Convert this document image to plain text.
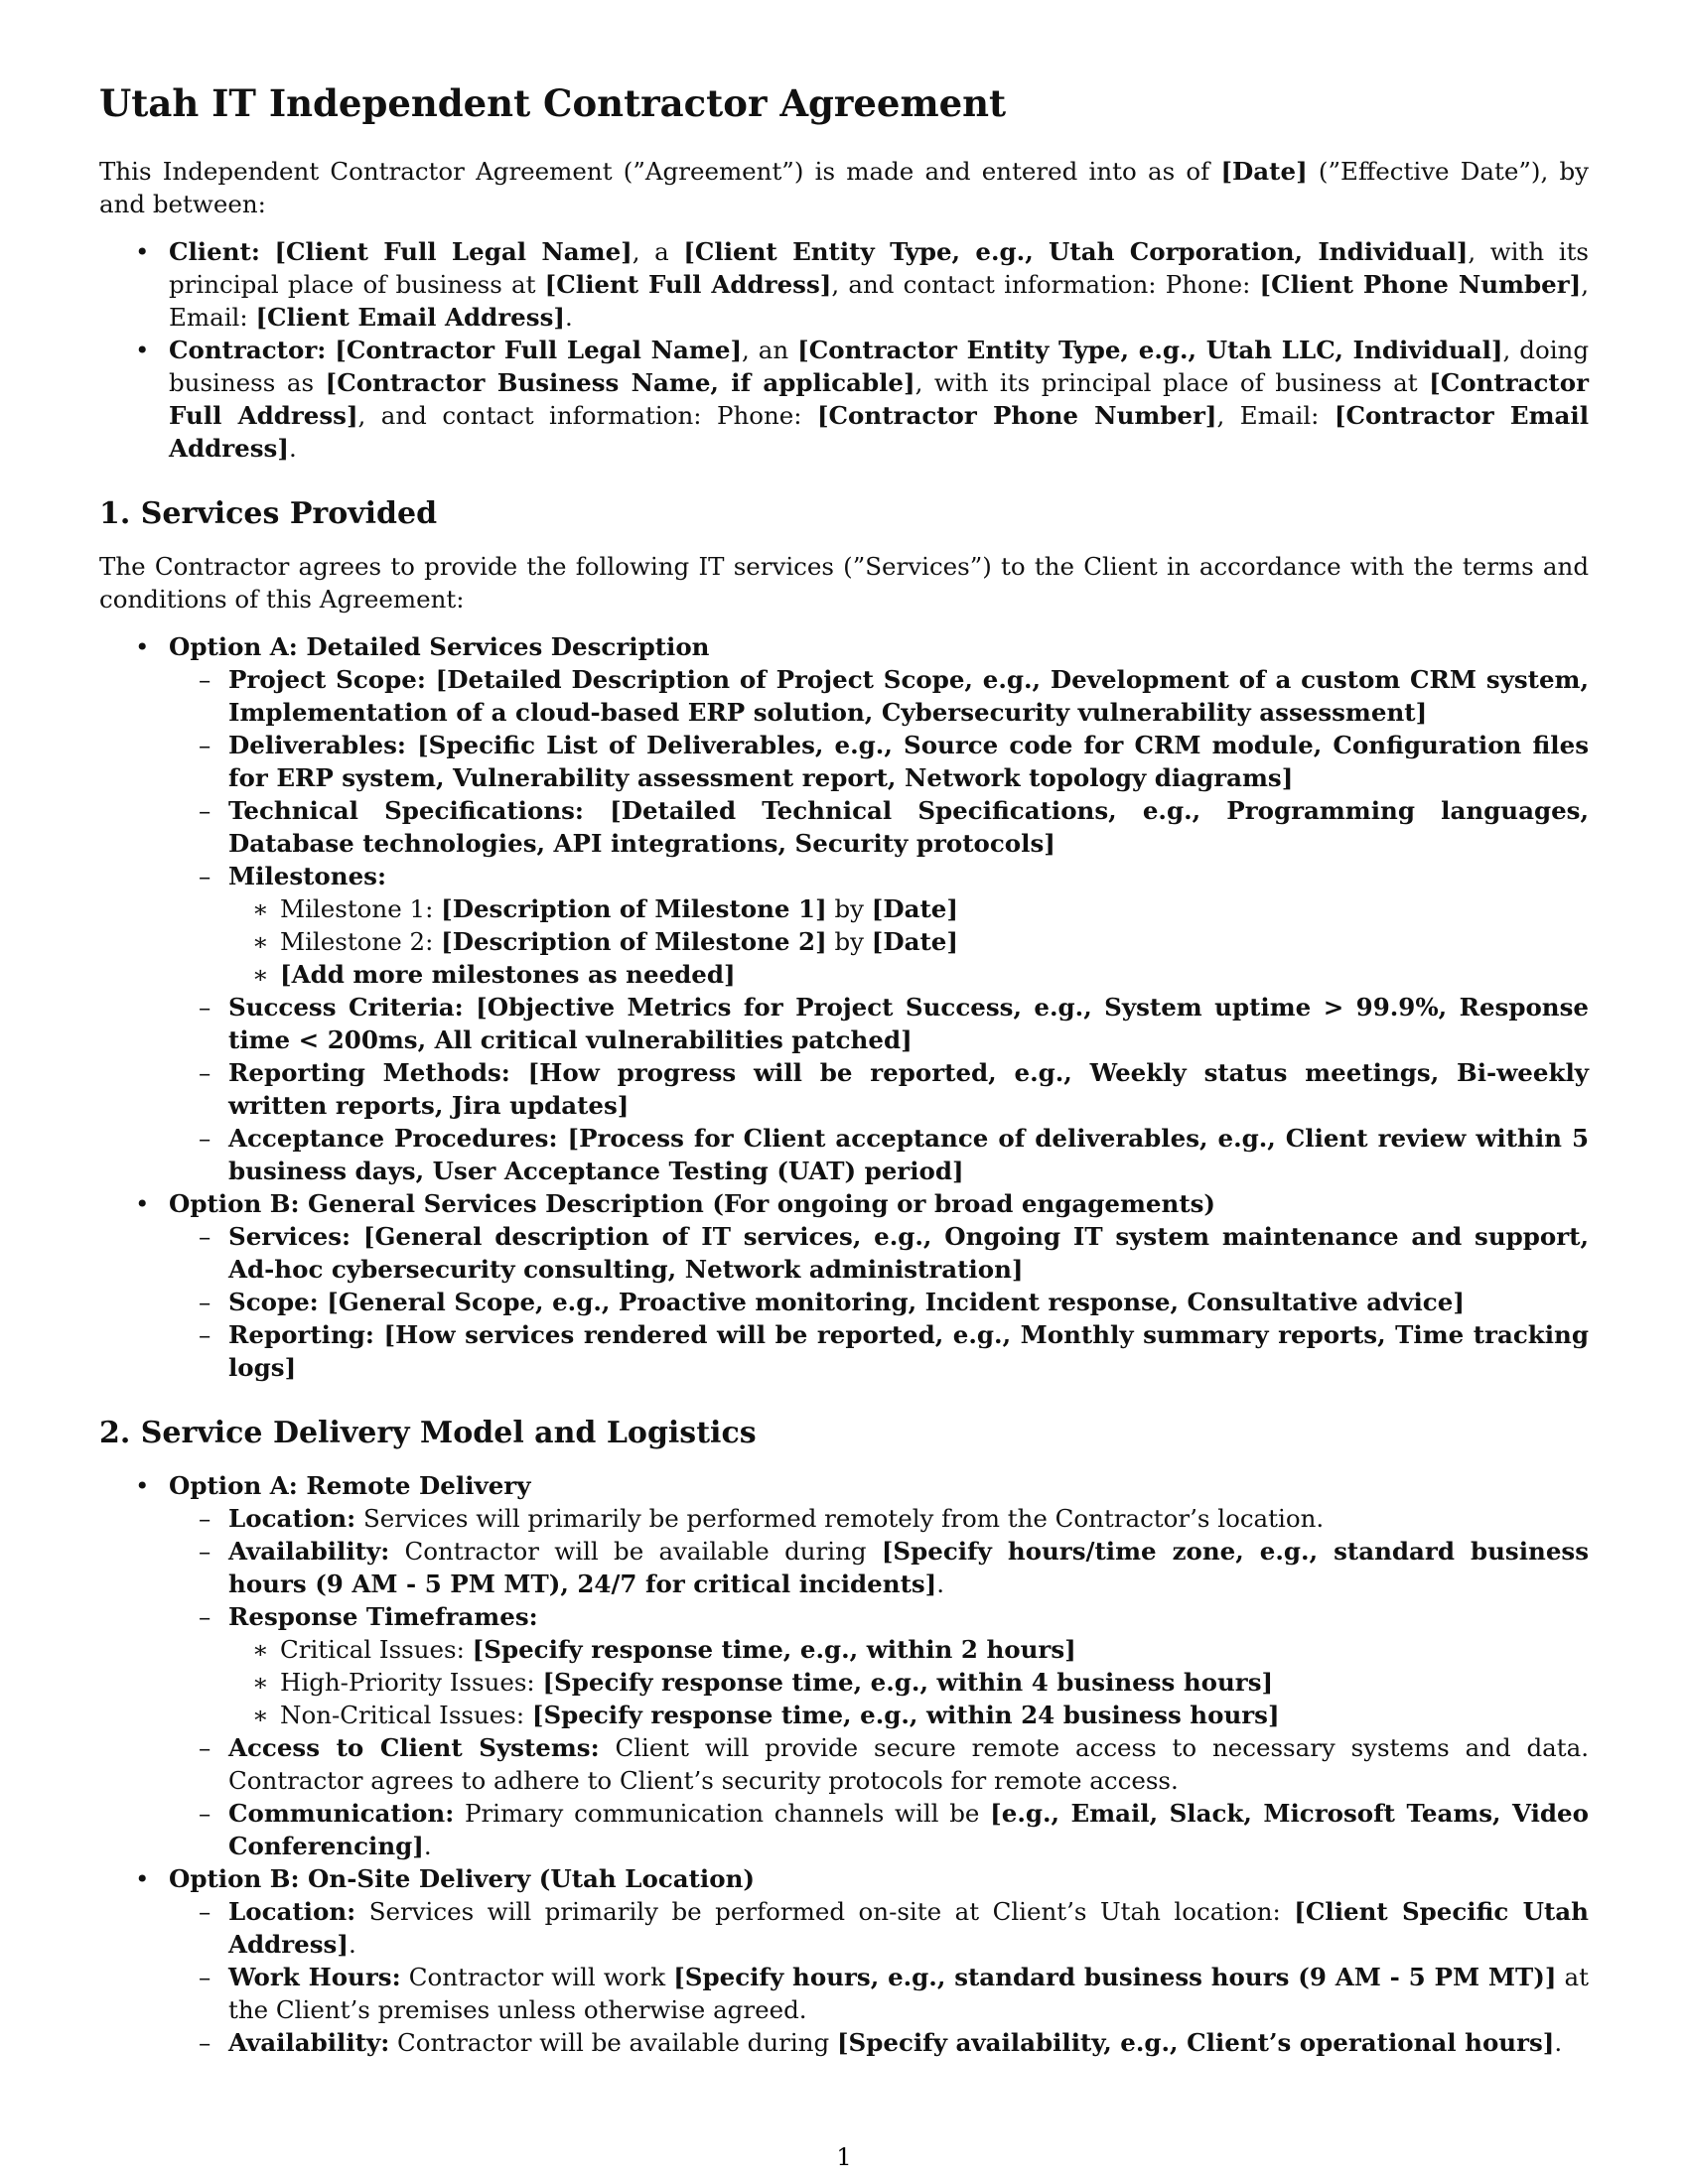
Utah IT Independent Contractor Agreement

This Independent Contractor Agreement (”Agreement”) is made and entered into as of [Date] (”Effective Date”), by and between:

• Client: [Client Full Legal Name], a [Client Entity Type, e.g., Utah Corporation, Individual], with its principal place of business at [Client Full Address], and contact information: Phone: [Client Phone Number], Email: [Client Email Address].
• Contractor: [Contractor Full Legal Name], an [Contractor Entity Type, e.g., Utah LLC, Individual], doing business as [Contractor Business Name, if applicable], with its principal place of business at [Contractor Full Address], and contact information: Phone: [Contractor Phone Number], Email: [Contractor Email Address].
1. Services Provided

The Contractor agrees to provide the following IT services (”Services”) to the Client in accordance with the terms and conditions of this Agreement:

• Option A: Detailed Services Description
– Project Scope: [Detailed Description of Project Scope, e.g., Development of a custom CRM system, Implementation of a cloud-based ERP solution, Cybersecurity vulnerability assessment]
– Deliverables: [Specific List of Deliverables, e.g., Source code for CRM module, Configuration files for ERP system, Vulnerability assessment report, Network topology diagrams]
– Technical Specifications: [Detailed Technical Specifications, e.g., Programming languages, Database technologies, API integrations, Security protocols]
– Milestones:
∗ Milestone 1: [Description of Milestone 1] by [Date]
∗ Milestone 2: [Description of Milestone 2] by [Date]
∗ [Add more milestones as needed]
– Success Criteria: [Objective Metrics for Project Success, e.g., System uptime > 99.9%, Response time < 200ms, All critical vulnerabilities patched]
– Reporting Methods: [How progress will be reported, e.g., Weekly status meetings, Bi-weekly written reports, Jira updates]
– Acceptance Procedures: [Process for Client acceptance of deliverables, e.g., Client review within 5 business days, User Acceptance Testing (UAT) period]
• Option B: General Services Description (For ongoing or broad engagements)
– Services: [General description of IT services, e.g., Ongoing IT system maintenance and support, Ad-hoc cybersecurity consulting, Network administration]
– Scope: [General Scope, e.g., Proactive monitoring, Incident response, Consultative advice]
– Reporting: [How services rendered will be reported, e.g., Monthly summary reports, Time tracking logs]
2. Service Delivery Model and Logistics
• Option A: Remote Delivery
– Location: Services will primarily be performed remotely from the Contractor’s location.
– Availability: Contractor will be available during [Specify hours/time zone, e.g., standard business hours (9 AM - 5 PM MT), 24/7 for critical incidents].
– Response Timeframes:
∗ Critical Issues: [Specify response time, e.g., within 2 hours]
∗ High-Priority Issues: [Specify response time, e.g., within 4 business hours]
∗ Non-Critical Issues: [Specify response time, e.g., within 24 business hours]
– Access to Client Systems: Client will provide secure remote access to necessary systems and data. Contractor agrees to adhere to Client’s security protocols for remote access.
– Communication: Primary communication channels will be [e.g., Email, Slack, Microsoft Teams, Video Conferencing].
• Option B: On-Site Delivery (Utah Location)
– Location: Services will primarily be performed on-site at Client’s Utah location: [Client Specific Utah Address].
– Work Hours: Contractor will work [Specify hours, e.g., standard business hours (9 AM - 5 PM MT)] at the Client’s premises unless otherwise agreed.
– Availability: Contractor will be available during [Specify availability, e.g., Client’s operational hours].
1
